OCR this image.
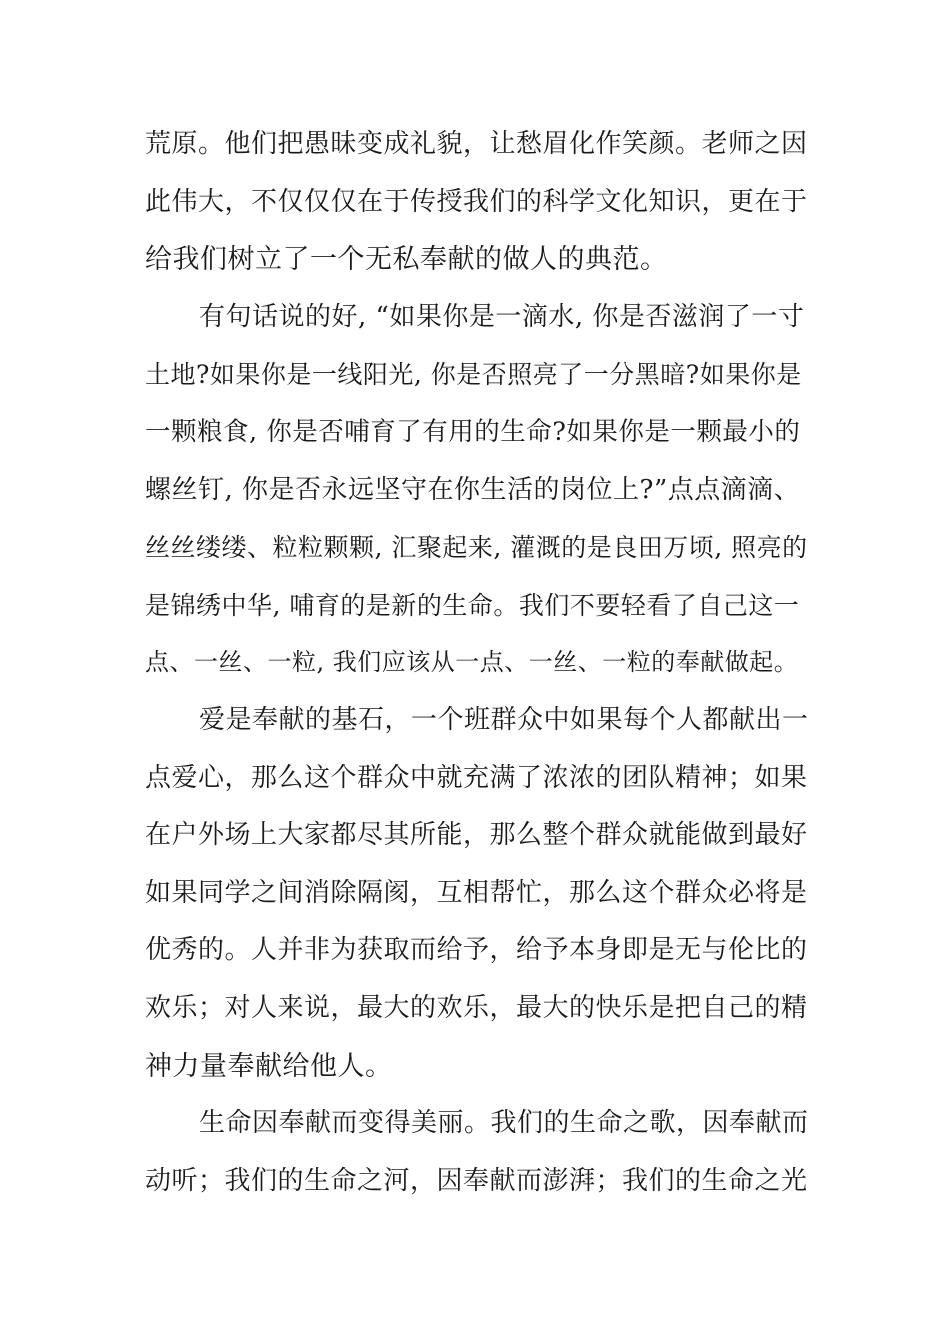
荒原。他们把愚昧变成礼貌，让愁眉化作笑颜。老师之因
此伟大，不仅仅仅在于传授我们的科学文化知识，更在于
给我们树立了一个无私奉献的做人的典范。
有句话说的好, “如果你是一滴水, 你是否滋润了一寸
土地?如果你是一线阳光, 你是否照亮了一分黑暗?如果你是
一颗粮食, 你是否哺育了有用的生命?如果你是一颗最小的
螺丝钉, 你是否永远坚守在你生活的岗位上?”点点滴滴、
丝丝缕缕、粒粒颗颗, 汇聚起来, 灌溉的是良田万顷, 照亮的
是锦绣中华, 哺育的是新的生命。我们不要轻看了自己这一
点、一丝、一粒, 我们应该从一点、一丝、一粒的奉献做起。
爱是奉献的基石，一个班群众中如果每个人都献出一
点爱心，那么这个群众中就充满了浓浓的团队精神；如果
在户外场上大家都尽其所能，那么整个群众就能做到最好
如果同学之间消除隔阂，互相帮忙，那么这个群众必将是
优秀的。人并非为获取而给予，给予本身即是无与伦比的
欢乐；对人来说，最大的欢乐，最大的快乐是把自己的精
神力量奉献给他人。
生命因奉献而变得美丽。我们的生命之歌，因奉献而
动听；我们的生命之河，因奉献而澎湃；我们的生命之光
